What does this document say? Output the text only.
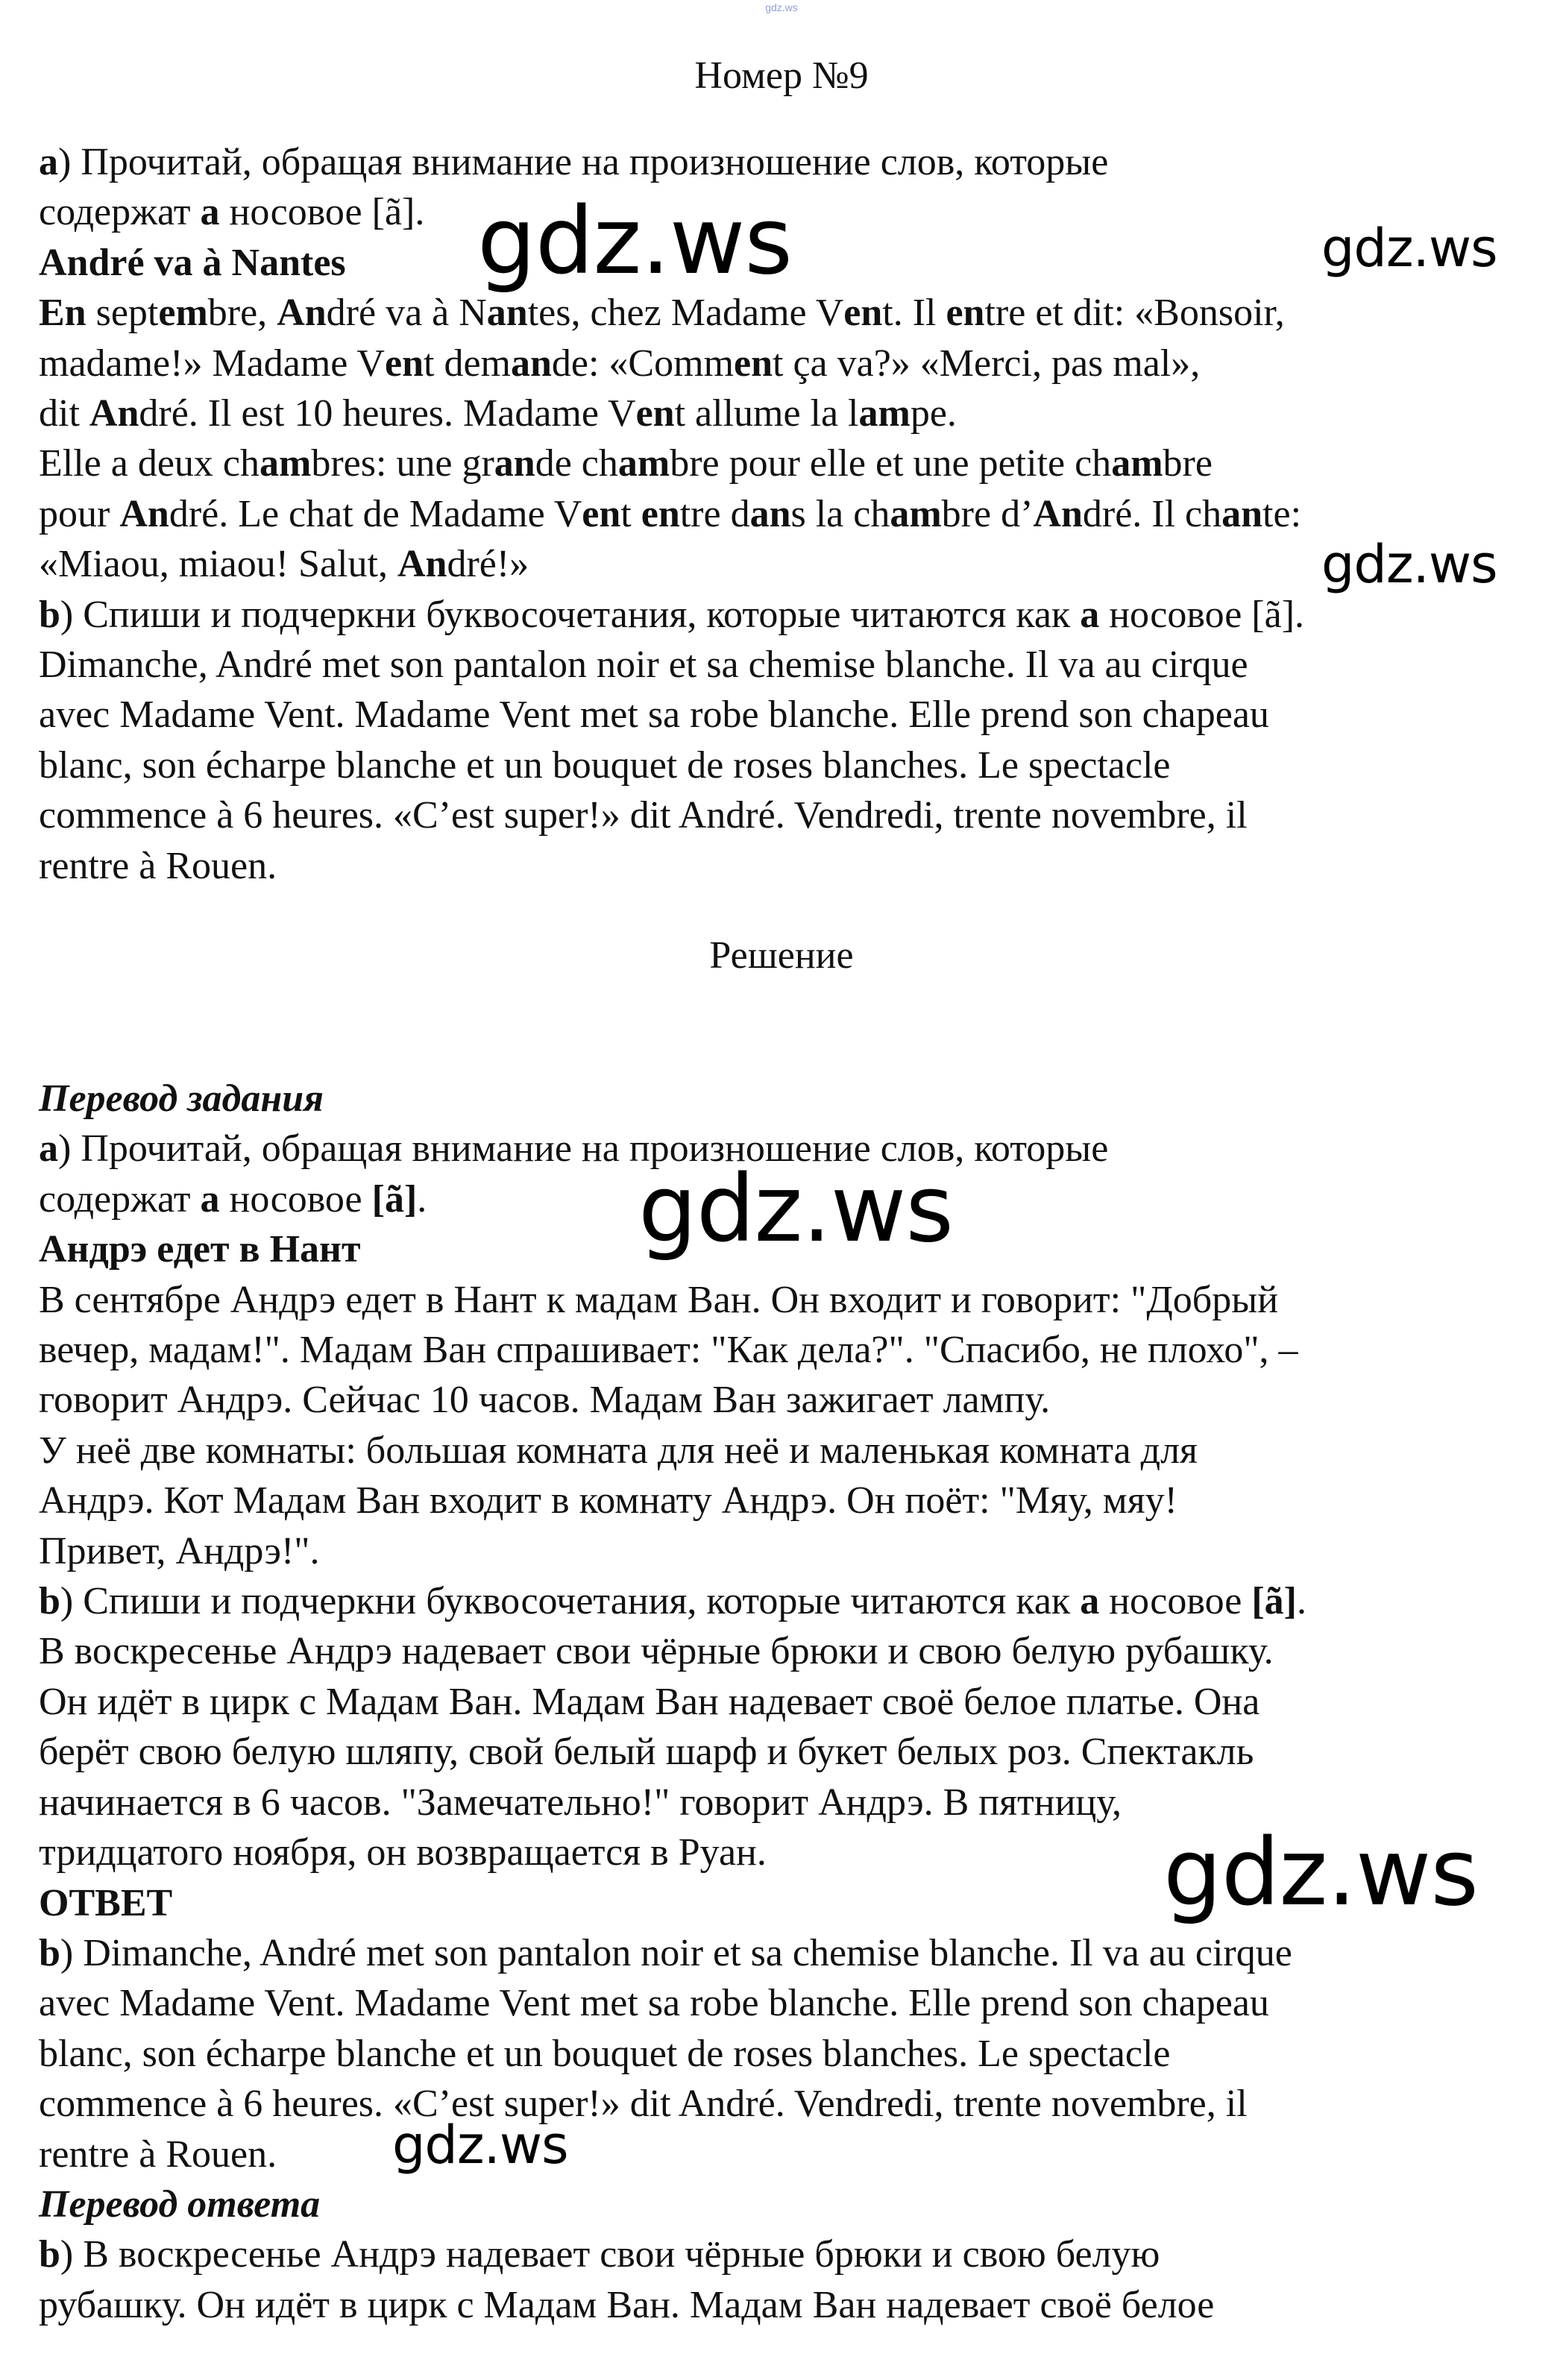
gdz.ws
Номер №9

a) Прочитай, обращая внимание на произношение слов, которые

содержат a носовое [ã].

André va à Nantes

En septembre, André va à Nantes, chez Madame Vent. Il entre et dit: «Bonsoir,

madame!» Madame Vent demande: «Comment ça va?» «Merci, pas mal»,

dit André. Il est 10 heures. Madame Vent allume la lampe.

Elle a deux chambres: une grande chambre pour elle et une petite chambre

pour André. Le chat de Madame Vent entre dans la chambre d’André. Il chante:

«Miaou, miaou! Salut, André!»

b) Спиши и подчеркни буквосочетания, которые читаются как a носовое [ã].

Dimanche, André met son pantalon noir et sa chemise blanche. Il va au cirque

avec Madame Vent. Madame Vent met sa robe blanche. Elle prend son chapeau

blanc, son écharpe blanche et un bouquet de roses blanches. Le spectacle

commence à 6 heures. «C’est super!» dit André. Vendredi, trente novembre, il

rentre à Rouen.

Решение

Перевод задания

a) Прочитай, обращая внимание на произношение слов, которые

содержат a носовое [ã].

Андрэ едет в Нант

В сентябре Андрэ едет в Нант к мадам Ван. Он входит и говорит: "Добрый

вечер, мадам!". Мадам Ван спрашивает: "Как дела?". "Спасибо, не плохо", –

говорит Андрэ. Сейчас 10 часов. Мадам Ван зажигает лампу.

У неё две комнаты: большая комната для неё и маленькая комната для

Андрэ. Кот Мадам Ван входит в комнату Андрэ. Он поёт: "Мяу, мяу!

Привет, Андрэ!".

b) Спиши и подчеркни буквосочетания, которые читаются как a носовое [ã].

В воскресенье Андрэ надевает свои чёрные брюки и свою белую рубашку.

Он идёт в цирк с Мадам Ван. Мадам Ван надевает своё белое платье. Она

берёт свою белую шляпу, свой белый шарф и букет белых роз. Спектакль

начинается в 6 часов. "Замечательно!" говорит Андрэ. В пятницу,

тридцатого ноября, он возвращается в Руан.

ОТВЕТ

b) Dimanche, André met son pantalon noir et sa chemise blanche. Il va au cirque

avec Madame Vent. Madame Vent met sa robe blanche. Elle prend son chapeau

blanc, son écharpe blanche et un bouquet de roses blanches. Le spectacle

commence à 6 heures. «C’est super!» dit André. Vendredi, trente novembre, il

rentre à Rouen.

Перевод ответа

b) В воскресенье Андрэ надевает свои чёрные брюки и свою белую

рубашку. Он идёт в цирк с Мадам Ван. Мадам Ван надевает своё белое

gdz.ws	gdz.ws
gdz.ws
gdz.ws
gdz.ws
gdz.ws
